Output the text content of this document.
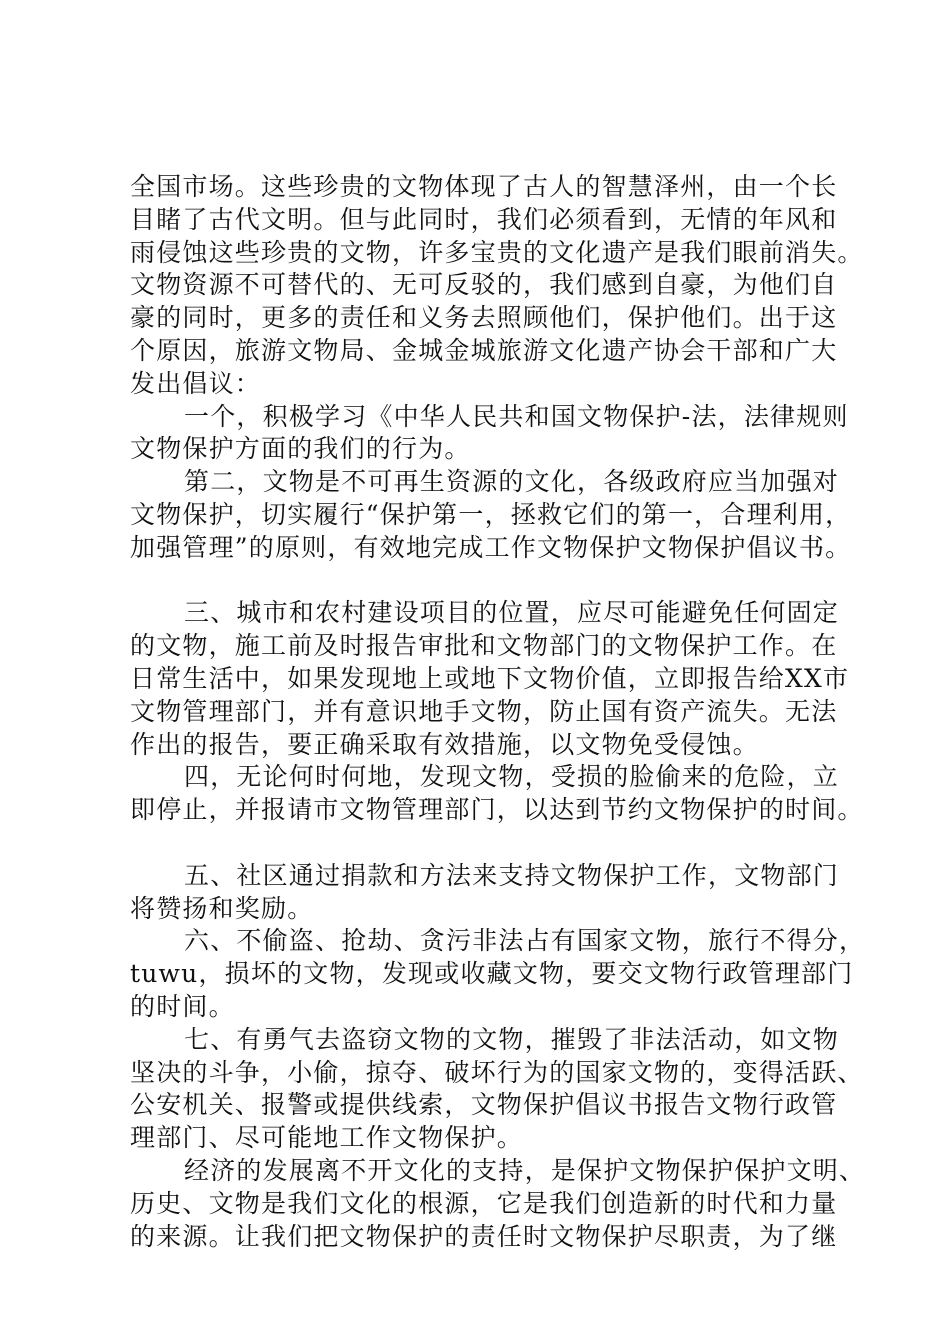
全国市场。这些珍贵的文物体现了古人的智慧泽州，由一个长
目睹了古代文明。但与此同时，我们必须看到，无情的年风和
雨侵蚀这些珍贵的文物，许多宝贵的文化遗产是我们眼前消失。
文物资源不可替代的、无可反驳的，我们感到自豪，为他们自
豪的同时，更多的责任和义务去照顾他们，保护他们。出于这
个原因，旅游文物局、金城金城旅游文化遗产协会干部和广大
发出倡议：
一个，积极学习《中华人民共和国文物保护-法，法律规则
文物保护方面的我们的行为。
第二，文物是不可再生资源的文化，各级政府应当加强对
文物保护，切实履行“保护第一，拯救它们的第一，合理利用，
加强管理”的原则，有效地完成工作文物保护文物保护倡议书。
三、城市和农村建设项目的位置，应尽可能避免任何固定
的文物，施工前及时报告审批和文物部门的文物保护工作。在
日常生活中，如果发现地上或地下文物价值，立即报告给XX市
文物管理部门，并有意识地手文物，防止国有资产流失。无法
作出的报告，要正确采取有效措施，以文物免受侵蚀。
四，无论何时何地，发现文物，受损的脸偷来的危险，立
即停止，并报请市文物管理部门，以达到节约文物保护的时间。
五、社区通过捐款和方法来支持文物保护工作，文物部门
将赞扬和奖励。
六、不偷盗、抢劫、贪污非法占有国家文物，旅行不得分，
tuwu，损坏的文物，发现或收藏文物，要交文物行政管理部门
的时间。
七、有勇气去盗窃文物的文物，摧毁了非法活动，如文物
坚决的斗争，小偷，掠夺、破坏行为的国家文物的，变得活跃、
公安机关、报警或提供线索，文物保护倡议书报告文物行政管
理部门、尽可能地工作文物保护。
经济的发展离不开文化的支持，是保护文物保护保护文明、
历史、文物是我们文化的根源，它是我们创造新的时代和力量
的来源。让我们把文物保护的责任时文物保护尽职责，为了继
